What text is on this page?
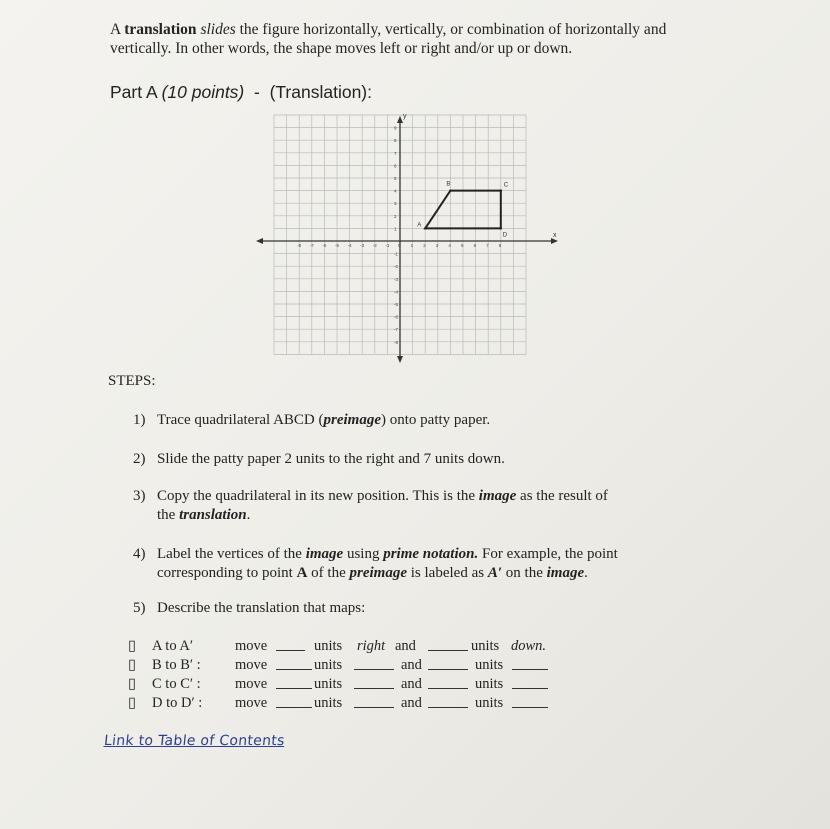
A translation slides the figure horizontally, vertically, or combination of horizontally and vertically. In other words, the shape moves left or right and/or up or down.
Part A (10 points) - (Translation):
x
y
-8 -7 -6 -5 -4 -3 -2 -1 0 1 2 3 4 5 6 7 8
9
8
7
6
5
4
3
2
1
-1
-2
-3
-4
-5
-6
-7
-8
A
B	C
D
STEPS:
1) Trace quadrilateral ABCD (preimage) onto patty paper.
2) Slide the patty paper 2 units to the right and 7 units down.
3) Copy the quadrilateral in its new position. This is the image as the result of
the translation.
4) Label the vertices of the image using prime notation. For example, the point
corresponding to point A of the preimage is labeled as A′ on the image.
5) Describe the translation that maps:
▯ A to A′	move	units right and	units down.
▯ B to B′ : move	units	and	units
▯ C to C′ : move	units	and	units
▯ D to D′ : move	units	and	units
Link to Table of Contents
